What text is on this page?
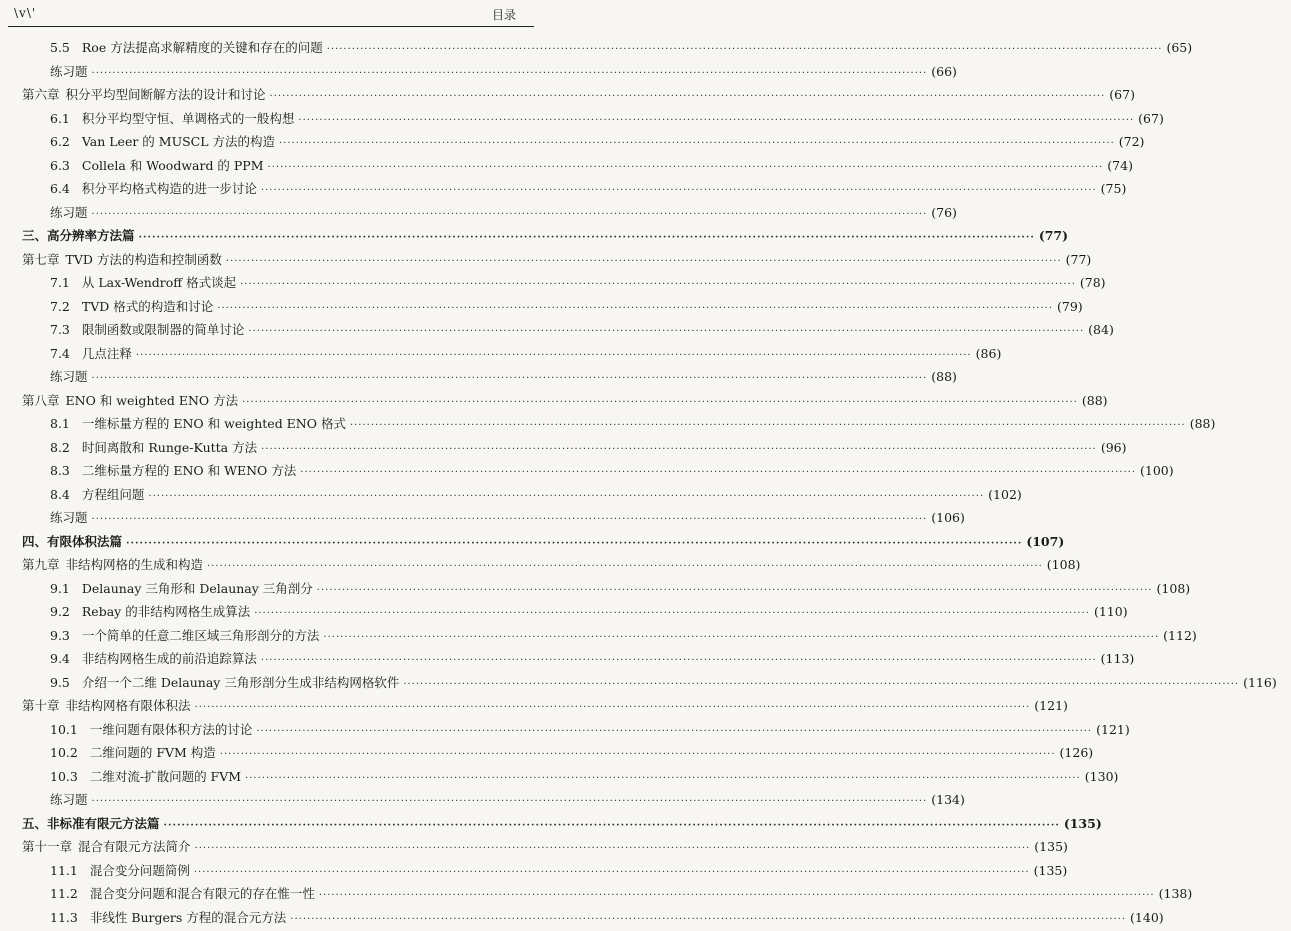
\v\'	目录
5.5 Roe 方法提高求解精度的关键和存在的问题 ········································································································································································································ (65)
练习题 ········································································································································································································ (66)
第六章 积分平均型间断解方法的设计和讨论 ········································································································································································································ (67)
6.1 积分平均型守恒、单调格式的一般构想 ········································································································································································································ (67)
6.2 Van Leer 的 MUSCL 方法的构造 ········································································································································································································ (72)
6.3 Collela 和 Woodward 的 PPM ········································································································································································································ (74)
6.4 积分平均格式构造的进一步讨论 ········································································································································································································ (75)
练习题 ········································································································································································································ (76)
三、高分辨率方法篇 ········································································································································································································ (77)
第七章 TVD 方法的构造和控制函数 ········································································································································································································ (77)
7.1 从 Lax-Wendroff 格式谈起 ········································································································································································································ (78)
7.2 TVD 格式的构造和讨论 ········································································································································································································ (79)
7.3 限制函数或限制器的简单讨论 ········································································································································································································ (84)
7.4 几点注释 ········································································································································································································ (86)
练习题 ········································································································································································································ (88)
第八章 ENO 和 weighted ENO 方法 ········································································································································································································ (88)
8.1 一维标量方程的 ENO 和 weighted ENO 格式 ········································································································································································································ (88)
8.2 时间离散和 Runge-Kutta 方法 ········································································································································································································ (96)
8.3 二维标量方程的 ENO 和 WENO 方法 ········································································································································································································ (100)
8.4 方程组问题 ········································································································································································································ (102)
练习题 ········································································································································································································ (106)
四、有限体积法篇 ········································································································································································································ (107)
第九章 非结构网格的生成和构造 ········································································································································································································ (108)
9.1 Delaunay 三角形和 Delaunay 三角剖分 ········································································································································································································ (108)
9.2 Rebay 的非结构网格生成算法 ········································································································································································································ (110)
9.3 一个简单的任意二维区域三角形剖分的方法 ········································································································································································································ (112)
9.4 非结构网格生成的前沿追踪算法 ········································································································································································································ (113)
9.5 介绍一个二维 Delaunay 三角形剖分生成非结构网格软件 ········································································································································································································ (116)
第十章 非结构网格有限体积法 ········································································································································································································ (121)
10.1 一维问题有限体积方法的讨论 ········································································································································································································ (121)
10.2 二维问题的 FVM 构造 ········································································································································································································ (126)
10.3 二维对流-扩散问题的 FVM ········································································································································································································ (130)
练习题 ········································································································································································································ (134)
五、非标准有限元方法篇 ········································································································································································································ (135)
第十一章 混合有限元方法简介 ········································································································································································································ (135)
11.1 混合变分问题简例 ········································································································································································································ (135)
11.2 混合变分问题和混合有限元的存在惟一性 ········································································································································································································ (138)
11.3 非线性 Burgers 方程的混合元方法 ········································································································································································································ (140)
